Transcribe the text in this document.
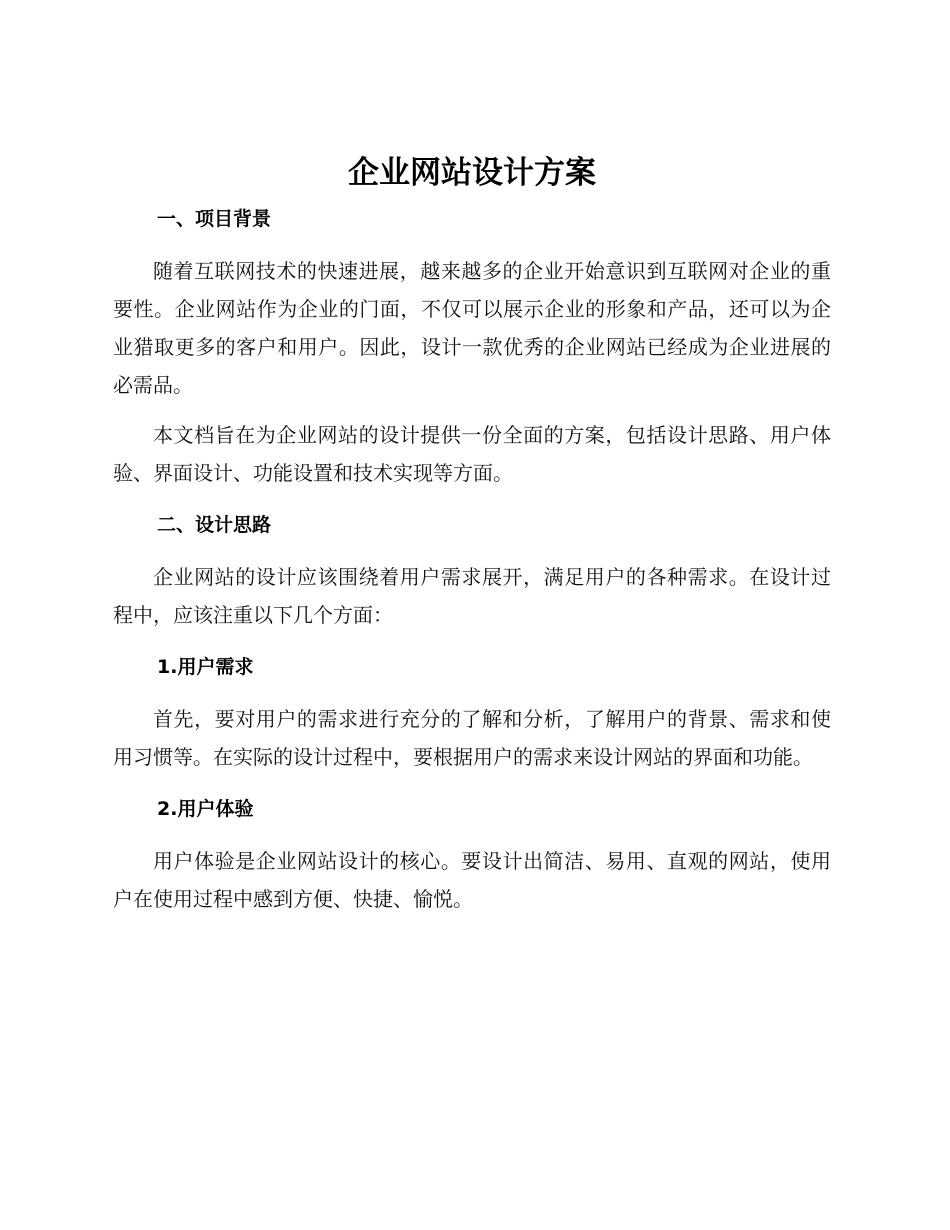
企业网站设计方案
一、项目背景

随着互联网技术的快速进展，越来越多的企业开始意识到互联网对企业的重要性。企业网站作为企业的门面，不仅可以展示企业的形象和产品，还可以为企业猎取更多的客户和用户。因此，设计一款优秀的企业网站已经成为企业进展的必需品。

本文档旨在为企业网站的设计提供一份全面的方案，包括设计思路、用户体验、界面设计、功能设置和技术实现等方面。

二、设计思路

企业网站的设计应该围绕着用户需求展开，满足用户的各种需求。在设计过程中，应该注重以下几个方面：

1.用户需求

首先，要对用户的需求进行充分的了解和分析，了解用户的背景、需求和使用习惯等。在实际的设计过程中，要根据用户的需求来设计网站的界面和功能。

2.用户体验

用户体验是企业网站设计的核心。要设计出简洁、易用、直观的网站，使用户在使用过程中感到方便、快捷、愉悦。
